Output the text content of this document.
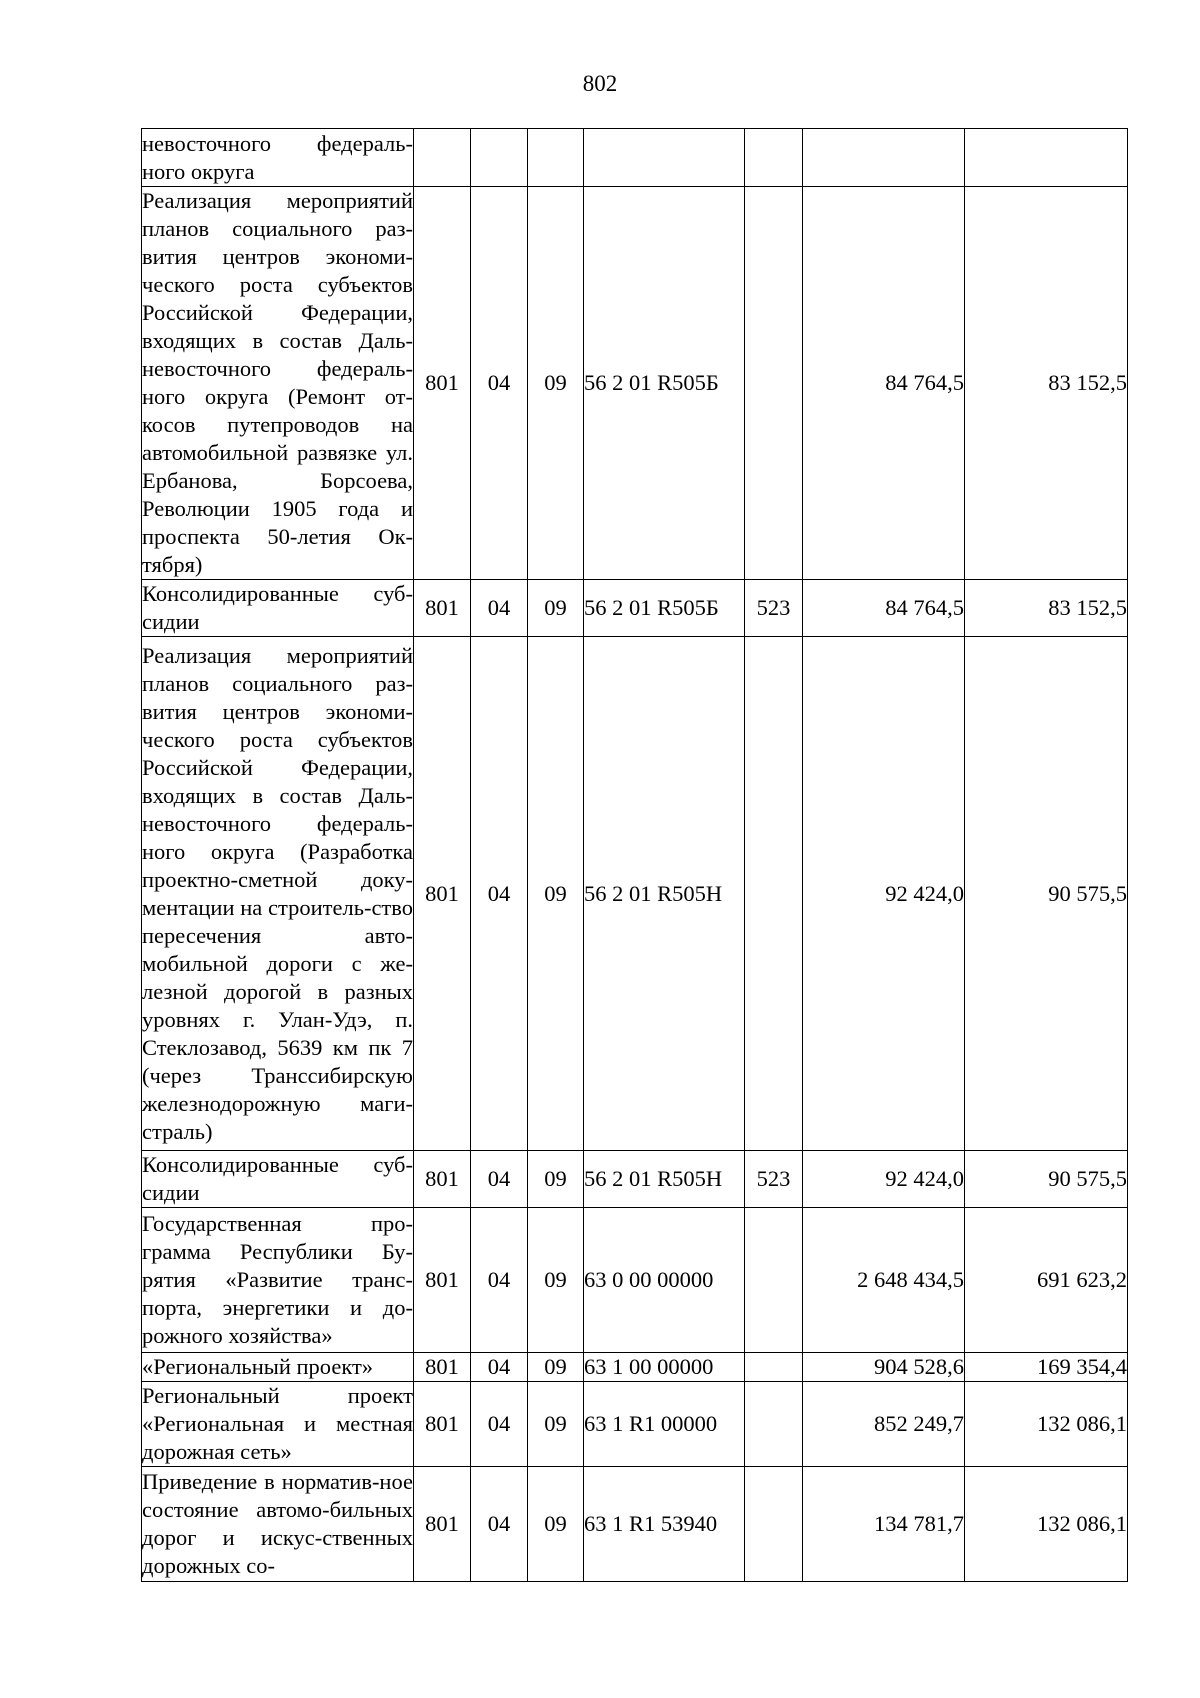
802
невосточного федераль-ного округа							
Реализация мероприятий планов социального раз-вития центров экономи-ческого роста субъектов Российской Федерации, входящих в состав Даль-невосточного федераль-ного округа (Ремонт от-косов путепроводов на автомобильной развязке ул. Ербанова, Борсоева, Революции 1905 года и проспекта 50-летия Ок-тября)	801	04	09	56 2 01 R505Б		84 764,5	83 152,5
Консолидированные суб-сидии	801	04	09	56 2 01 R505Б	523	84 764,5	83 152,5
Реализация мероприятий планов социального раз-вития центров экономи-ческого роста субъектов Российской Федерации, входящих в состав Даль-невосточного федераль-ного округа (Разработка проектно-сметной доку-ментации на строитель-ство пересечения авто-мобильной дороги с же-лезной дорогой в разных уровнях г. Улан-Удэ, п. Стеклозавод, 5639 км пк 7 (через Транссибирскую железнодорожную маги-страль)	801	04	09	56 2 01 R505Н		92 424,0	90 575,5
Консолидированные суб-сидии	801	04	09	56 2 01 R505Н	523	92 424,0	90 575,5
Государственная про-грамма Республики Бу-рятия «Развитие транс-порта, энергетики и до-рожного хозяйства»	801	04	09	63 0 00 00000		2 648 434,5	691 623,2
«Региональный проект»	801	04	09	63 1 00 00000		904 528,6	169 354,4
Региональный проект «Региональная и местная дорожная сеть»	801	04	09	63 1 R1 00000		852 249,7	132 086,1
Приведение в норматив-ное состояние автомо-бильных дорог и искус-ственных дорожных со-	801	04	09	63 1 R1 53940		134 781,7	132 086,1
